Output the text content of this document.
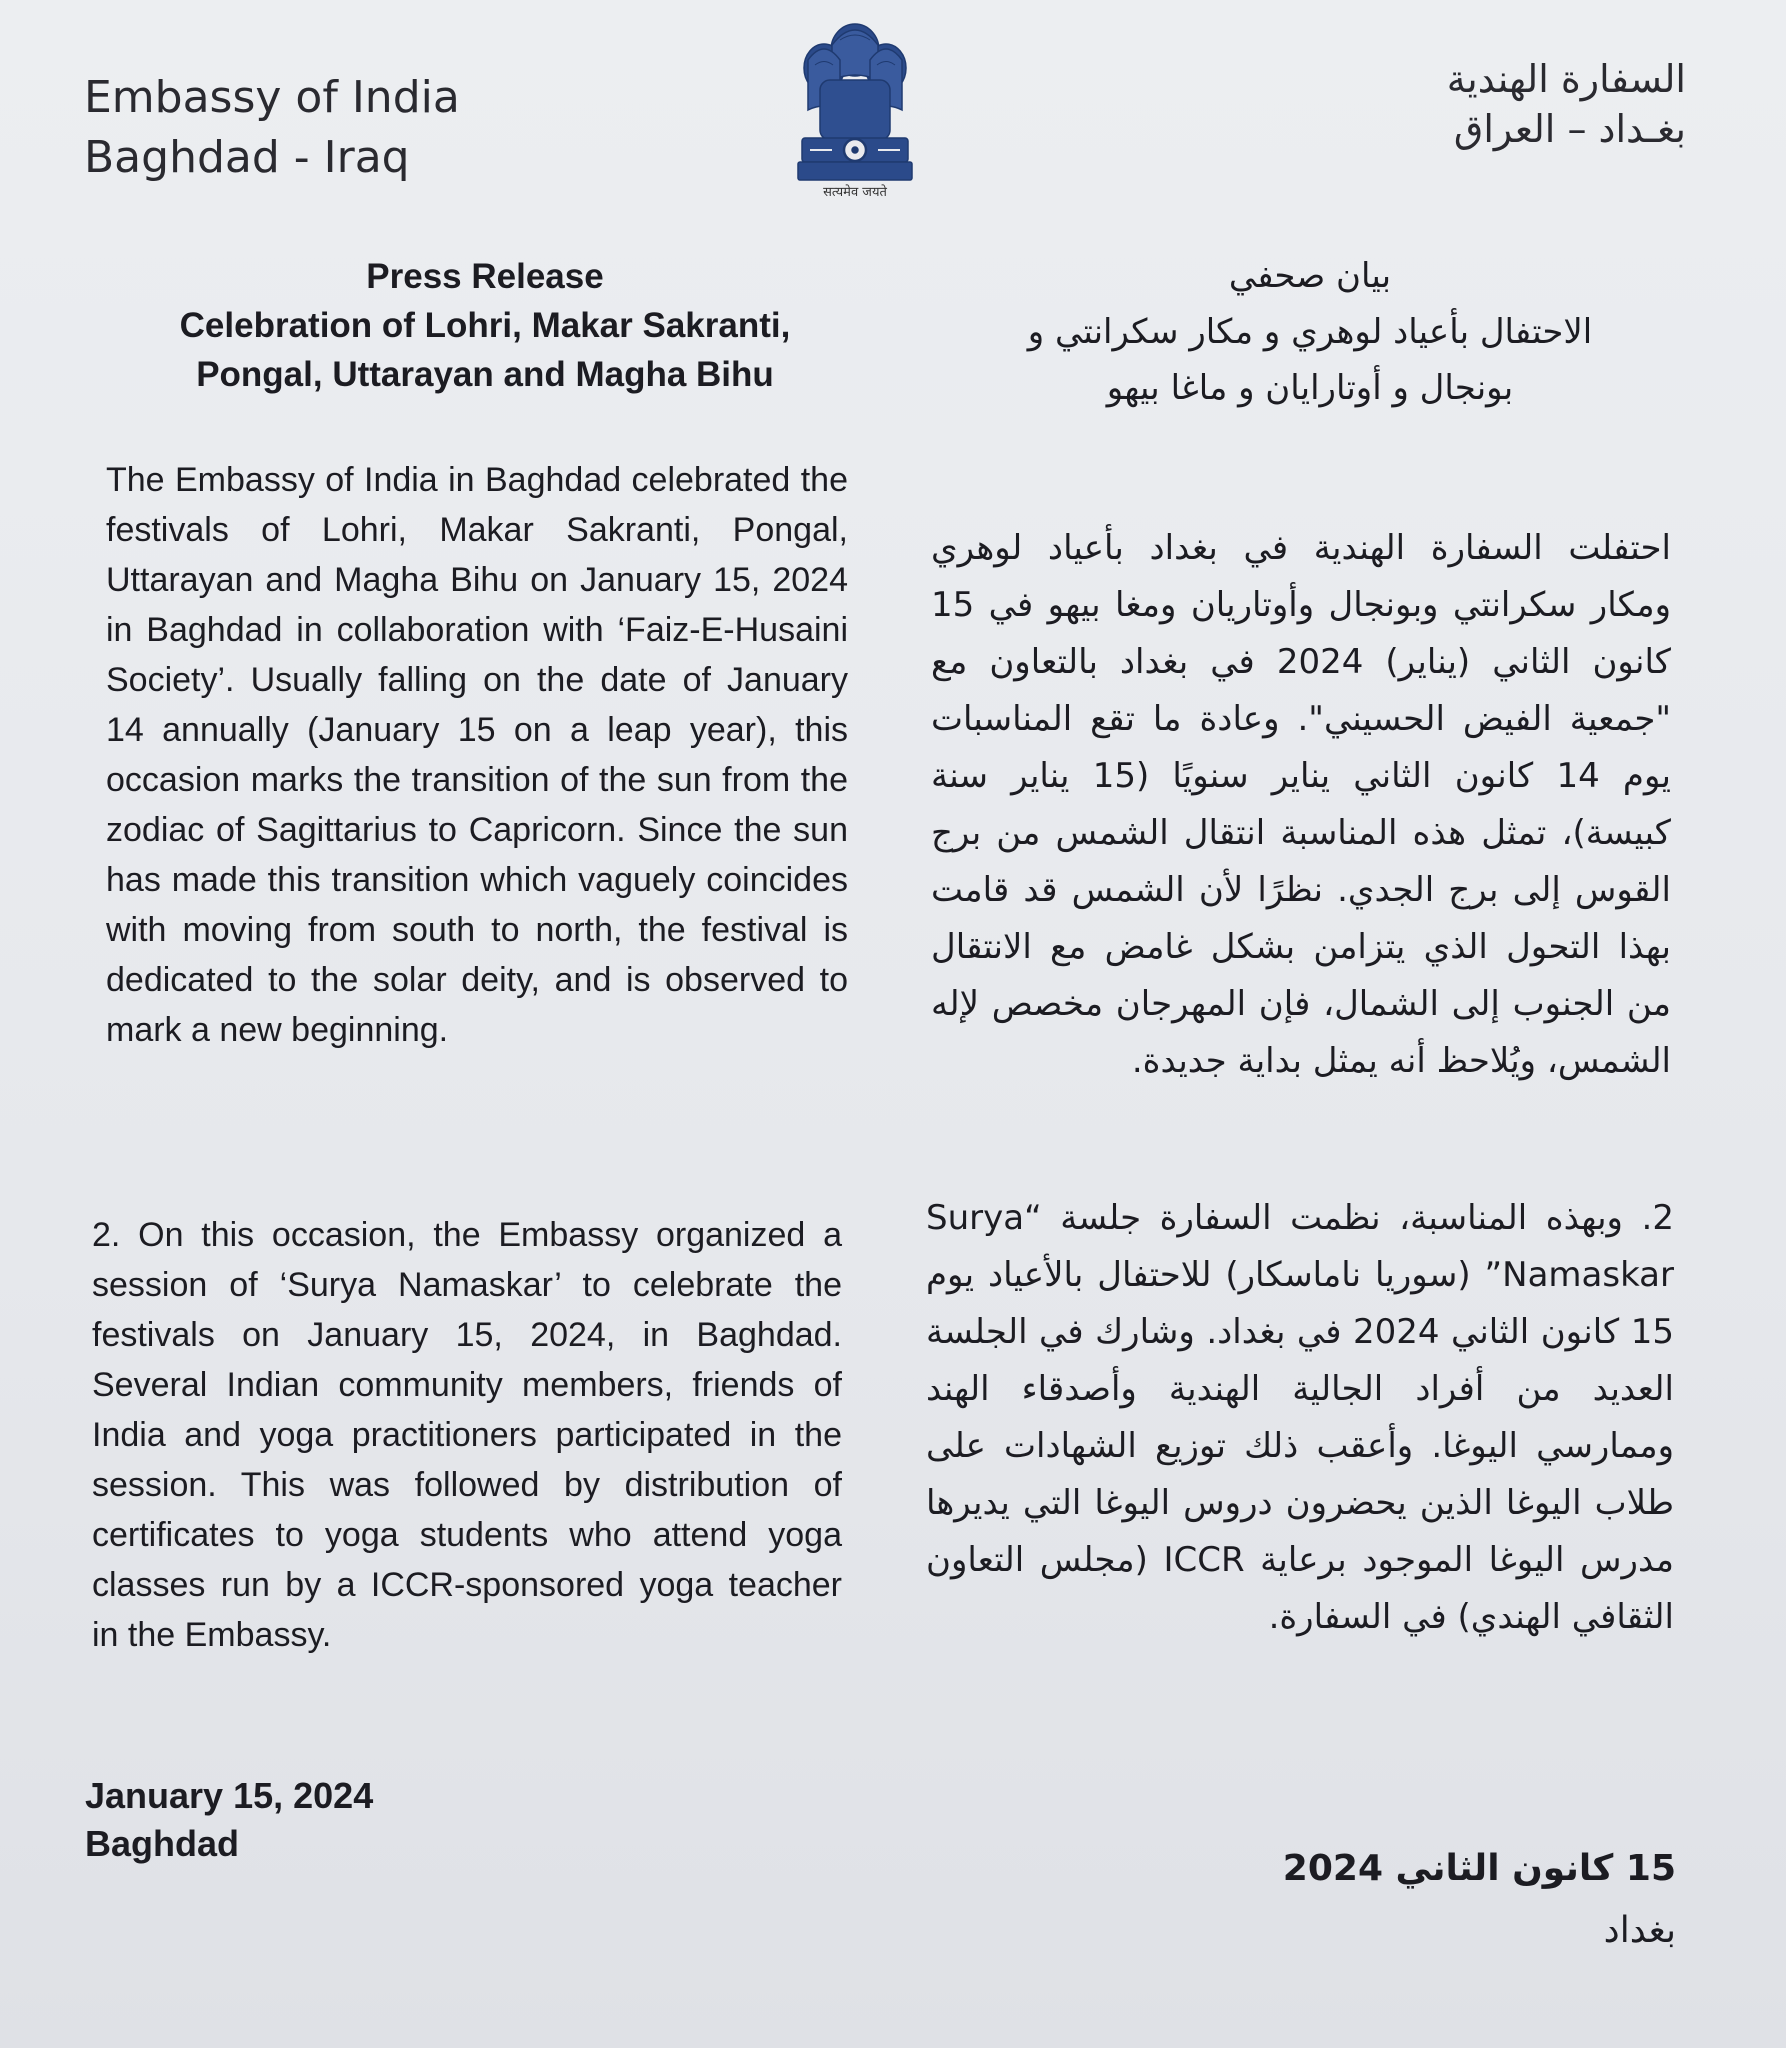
Embassy of India
Baghdad - Iraq
सत्यमेव जयते
السفارة الهندية
بغـداد – العراق
Press Release
Celebration of Lohri, Makar Sakranti,
Pongal, Uttarayan and Magha Bihu
بيان صحفي
الاحتفال بأعياد لوهري و مكار سكرانتي و
بونجال و أوتارايان و ماغا بيهو
The Embassy of India in Baghdad celebrated the festivals of Lohri, Makar Sakranti, Pongal, Uttarayan and Magha Bihu on January 15, 2024 in Baghdad in collaboration with ‘Faiz-E-Husaini Society’. Usually falling on the date of January 14 annually (January 15 on a leap year), this occasion marks the transition of the sun from the zodiac of Sagittarius to Capricorn. Since the sun has made this transition which vaguely coincides with moving from south to north, the festival is dedicated to the solar deity, and is observed to mark a new beginning.
2. On this occasion, the Embassy organized a session of ‘Surya Namaskar’ to celebrate the festivals on January 15, 2024, in Baghdad. Several Indian community members, friends of India and yoga practitioners participated in the session. This was followed by distribution of certificates to yoga students who attend yoga classes run by a ICCR-sponsored yoga teacher in the Embassy.
January 15, 2024
Baghdad
احتفلت السفارة الهندية في بغداد بأعياد لوهري ومكار سكرانتي وبونجال وأوتاريان ومغا بيهو في 15 كانون الثاني (يناير) 2024 في بغداد بالتعاون مع "جمعية الفيض الحسيني". وعادة ما تقع المناسبات يوم 14 كانون الثاني يناير سنويًا (15 يناير سنة كبيسة)، تمثل هذه المناسبة انتقال الشمس من برج القوس إلى برج الجدي. نظرًا لأن الشمس قد قامت بهذا التحول الذي يتزامن بشكل غامض مع الانتقال من الجنوب إلى الشمال، فإن المهرجان مخصص لإله الشمس، ويُلاحظ أنه يمثل بداية جديدة.
2. وبهذه المناسبة، نظمت السفارة جلسة “Surya Namaskar” (سوريا ناماسكار) للاحتفال بالأعياد يوم 15 كانون الثاني 2024 في بغداد. وشارك في الجلسة العديد من أفراد الجالية الهندية وأصدقاء الهند وممارسي اليوغا. وأعقب ذلك توزيع الشهادات على طلاب اليوغا الذين يحضرون دروس اليوغا التي يديرها مدرس اليوغا الموجود برعاية ICCR (مجلس التعاون الثقافي الهندي) في السفارة.
15 كانون الثاني 2024
بغداد
